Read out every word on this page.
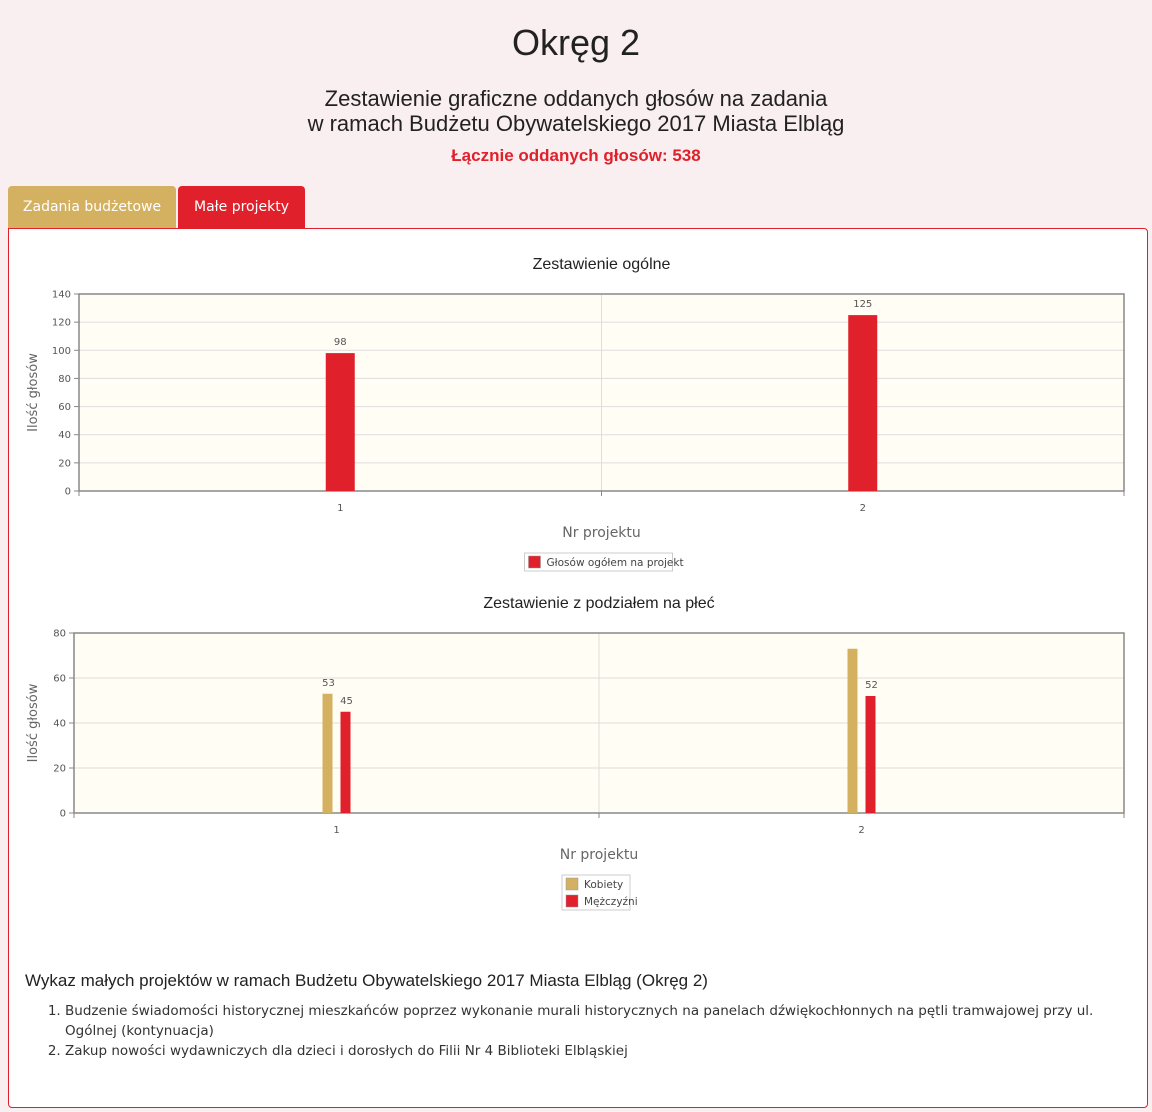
Okręg 2
Zestawienie graficzne oddanych głosów na zadania
w ramach Budżetu Obywatelskiego 2017 Miasta Elbląg
Łącznie oddanych głosów: 538
Zadania budżetowe	Małe projekty
Zestawienie ogólne
0
20
40
60
80
100
120
140
1
98
2
125
Nr projektu
Ilość głosów
Głosów ogółem na projekt
Zestawienie z podziałem na płeć
0
20
40
60
80
1
53
45
2
52
Nr projektu
Ilość głosów
Kobiety
Mężczyźni
Wykaz małych projektów w ramach Budżetu Obywatelskiego 2017 Miasta Elbląg (Okręg 2)
1. Budzenie świadomości historycznej mieszkańców poprzez wykonanie murali historycznych na panelach dźwiękochłonnych na pętli tramwajowej przy ul. Ogólnej (kontynuacja)
2. Zakup nowości wydawniczych dla dzieci i dorosłych do Filii Nr 4 Biblioteki Elbląskiej
